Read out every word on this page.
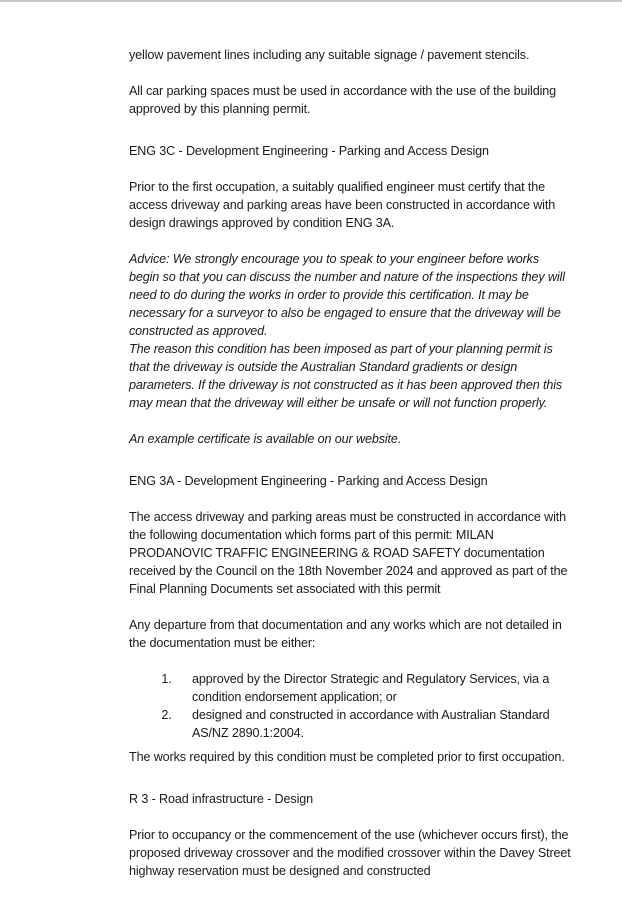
yellow pavement lines including any suitable signage / pavement stencils.

All car parking spaces must be used in accordance with the use of the building approved by this planning permit.

ENG 3C - Development Engineering - Parking and Access Design

Prior to the first occupation, a suitably qualified engineer must certify that the access driveway and parking areas have been constructed in accordance with design drawings approved by condition ENG 3A.

Advice: We strongly encourage you to speak to your engineer before works begin so that you can discuss the number and nature of the inspections they will need to do during the works in order to provide this certification. It may be necessary for a surveyor to also be engaged to ensure that the driveway will be constructed as approved.

The reason this condition has been imposed as part of your planning permit is that the driveway is outside the Australian Standard gradients or design parameters. If the driveway is not constructed as it has been approved then this may mean that the driveway will either be unsafe or will not function properly.

An example certificate is available on our website.

ENG 3A - Development Engineering - Parking and Access Design

The access driveway and parking areas must be constructed in accordance with the following documentation which forms part of this permit: MILAN PRODANOVIC TRAFFIC ENGINEERING & ROAD SAFETY documentation received by the Council on the 18th November 2024 and approved as part of the Final Planning Documents set associated with this permit

Any departure from that documentation and any works which are not detailed in the documentation must be either:

1. approved by the Director Strategic and Regulatory Services, via a condition endorsement application; or
2. designed and constructed in accordance with Australian Standard AS/NZ 2890.1:2004.

The works required by this condition must be completed prior to first occupation.

R 3 - Road infrastructure - Design

Prior to occupancy or the commencement of the use (whichever occurs first), the proposed driveway crossover and the modified crossover within the Davey Street highway reservation must be designed and constructed
